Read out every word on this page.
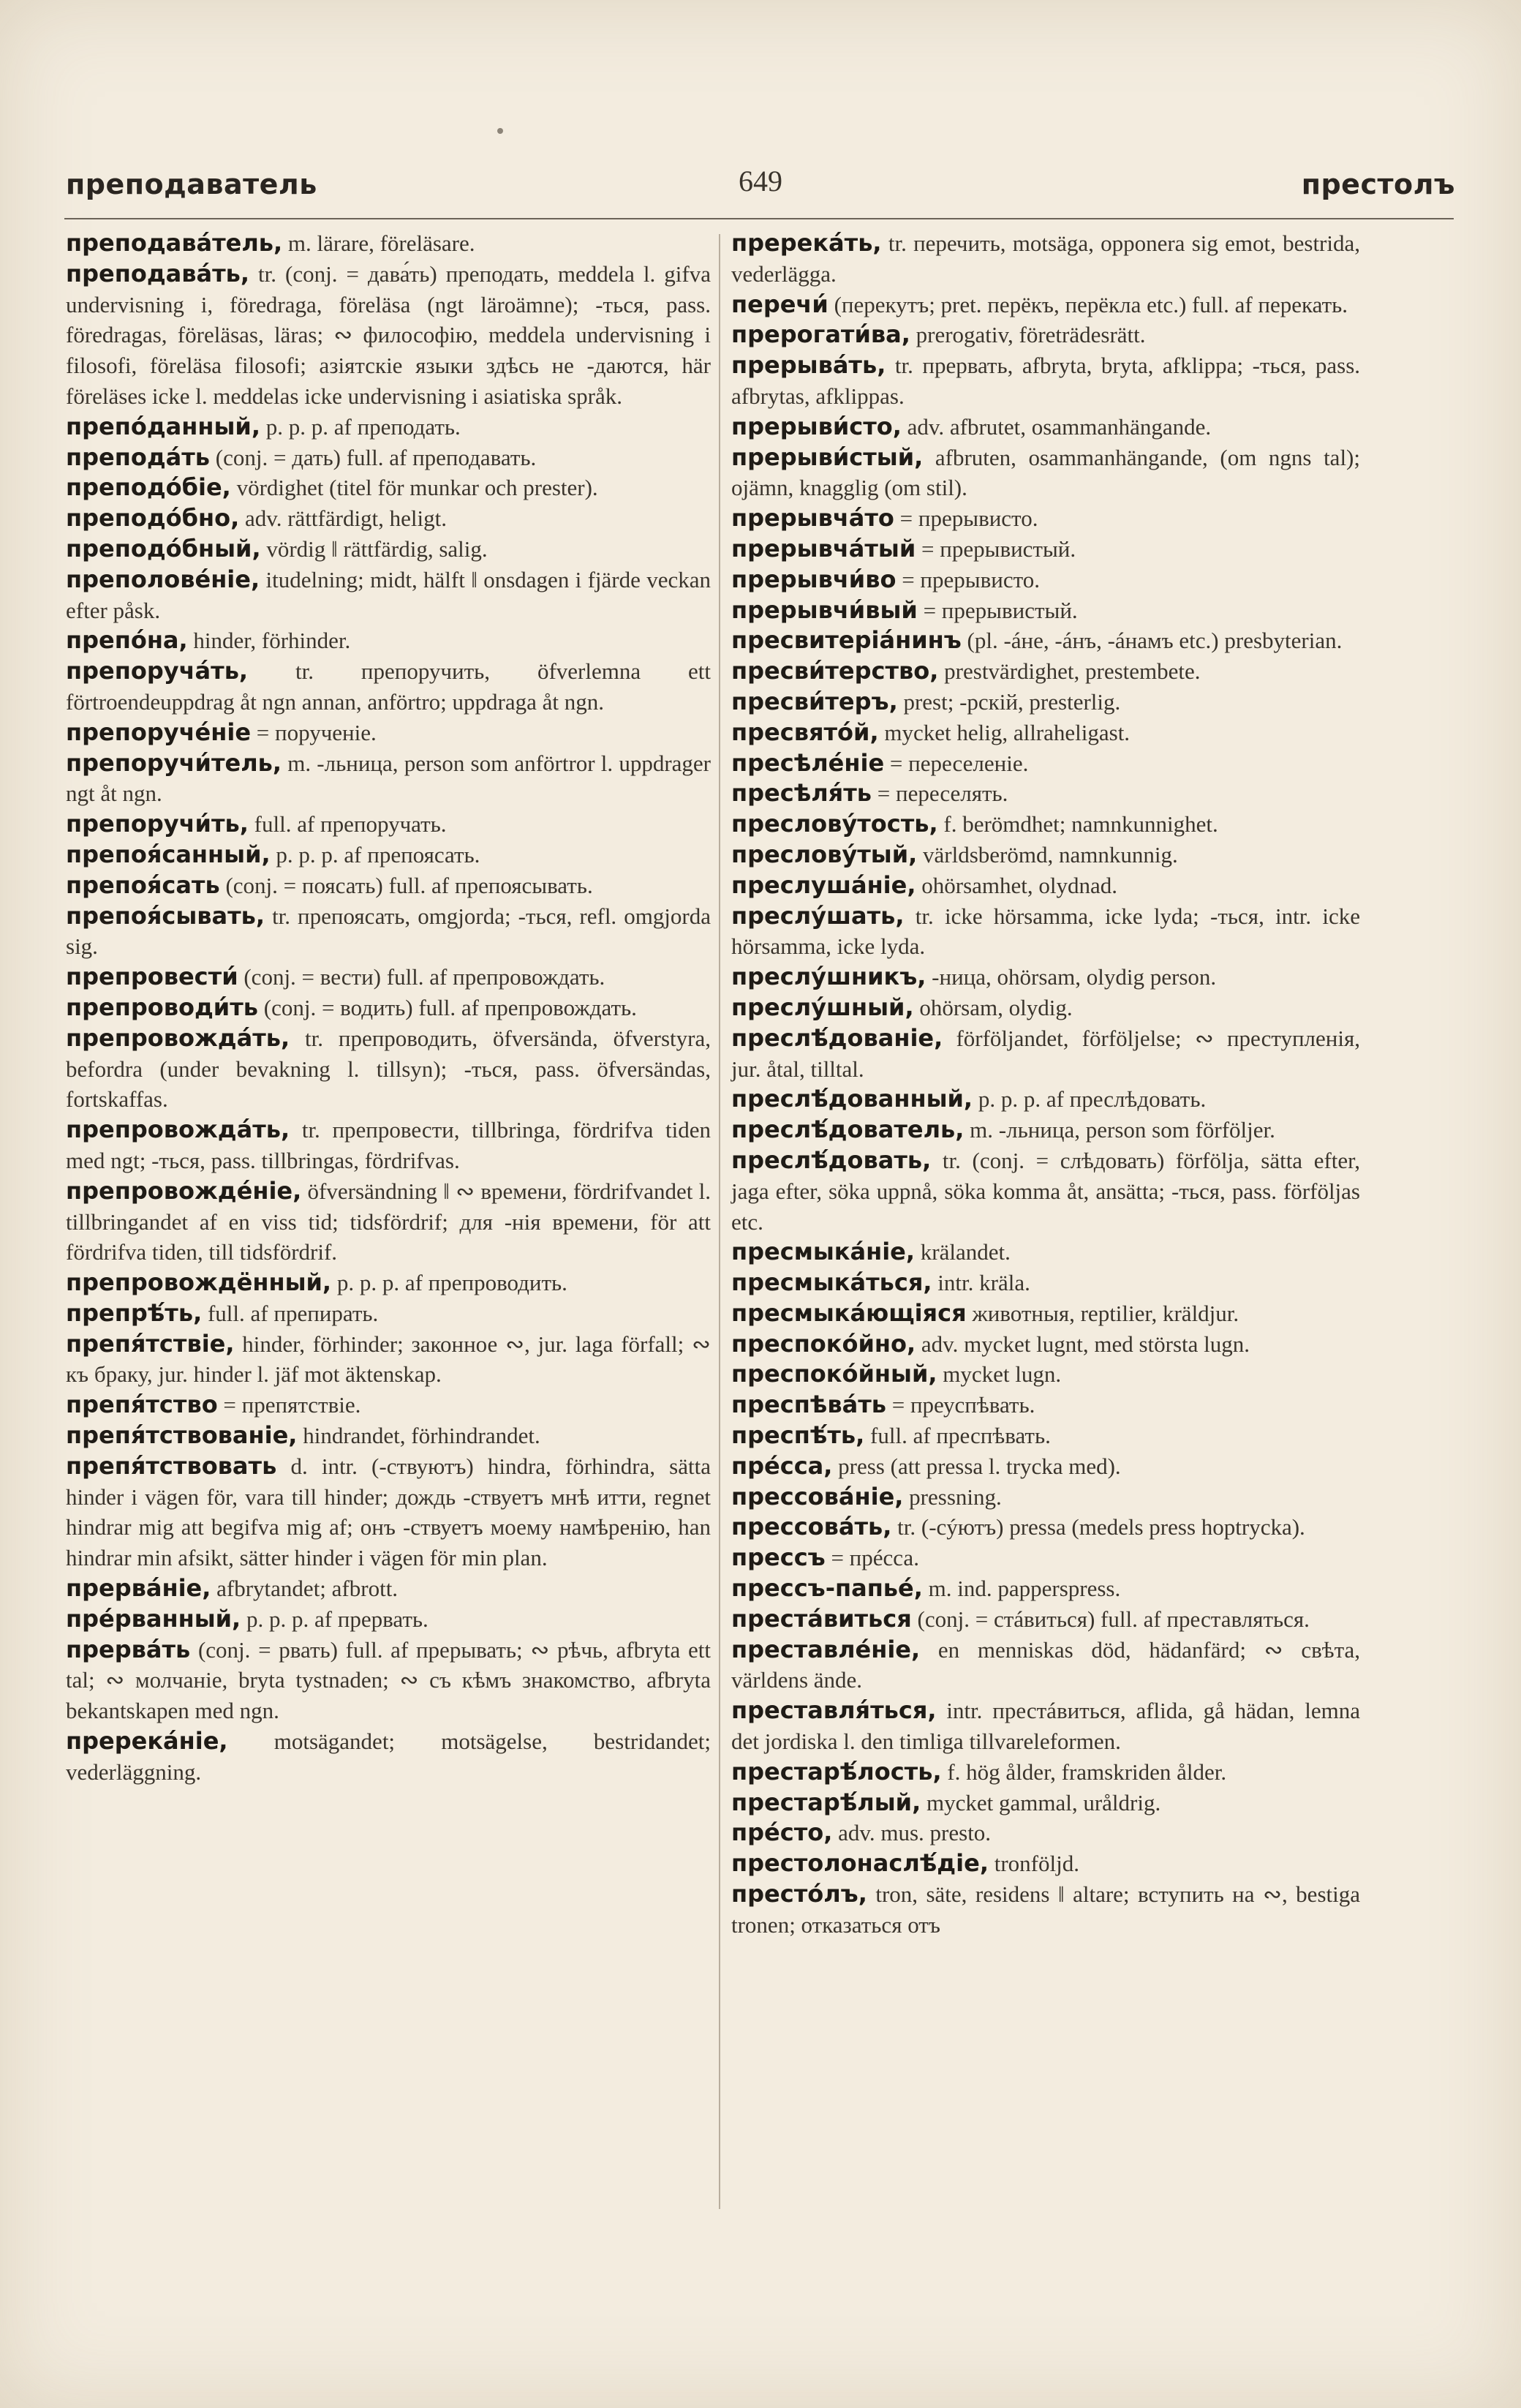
преподаватель	649	престолъ

преподава́тель, m. lärare, föreläsare.

преподава́ть, tr. (conj. = дава́ть) преподать, meddela l. gifva undervisning i, föredraga, föreläsa (ngt läroämne); -ться, pass. föredragas, föreläsas, läras; ∾ философію, meddela undervisning i filosofi, föreläsa filosofi; азіятскіе языки здѣсь не -даются, här föreläses icke l. meddelas icke undervisning i asiatiska språk.

препо́данный, p. p. p. af преподать.

препода́ть (conj. = дать) full. af преподавать.

преподо́біе, vördighet (titel för munkar och prester).

преподо́бно, adv. rättfärdigt, heligt.

преподо́бный, vördig ‖ rättfärdig, salig.

преполове́ніе, itudelning; midt, hälft ‖ onsdagen i fjärde veckan efter påsk.

препо́на, hinder, förhinder.

препоруча́ть, tr. препоручить, öfverlemna ett förtroendeuppdrag åt ngn annan, anförtro; uppdraga åt ngn.

препоруче́ніе = порученіе.

препоручи́тель, m. -льница, person som anförtror l. uppdrager ngt åt ngn.

препоручи́ть, full. af препоручать.

препоя́санный, p. p. p. af препоясать.

препоя́сать (conj. = поясать) full. af препоясывать.

препоя́сывать, tr. препоясать, omgjorda; -ться, refl. omgjorda sig.

препровести́ (conj. = вести) full. af препровождать.

препроводи́ть (conj. = водить) full. af препровождать.

препровожда́ть, tr. препроводить, öfversända, öfverstyra, befordra (under bevakning l. tillsyn); -ться, pass. öfversändas, fortskaffas.

препровожда́ть, tr. препровести, tillbringa, fördrifva tiden med ngt; -ться, pass. tillbringas, fördrifvas.

препровожде́ніе, öfversändning ‖ ∾ времени, fördrifvandet l. tillbringandet af en viss tid; tidsfördrif; для -нія времени, för att fördrifva tiden, till tidsfördrif.

препровождённый, p. p. p. af препроводить.

препрѣ́ть, full. af препирать.

препя́тствіе, hinder, förhinder; законное ∾, jur. laga förfall; ∾ къ браку, jur. hinder l. jäf mot äktenskap.

препя́тство = препятствіе.

препя́тствованіе, hindrandet, förhindrandet.

препя́тствовать d. intr. (-ствуютъ) hindra, förhindra, sätta hinder i vägen för, vara till hinder; дождь -ствуетъ мнѣ итти, regnet hindrar mig att begifva mig af; онъ -ствуетъ моему намѣренію, han hindrar min afsikt, sätter hinder i vägen för min plan.

прерва́ніе, afbrytandet; afbrott.

пре́рванный, p. p. p. af прервать.

прерва́ть (conj. = рвать) full. af прерывать; ∾ рѣчь, afbryta ett tal; ∾ молчаніе, bryta tystnaden; ∾ съ кѣмъ знакомство, afbryta bekantskapen med ngn.

пререка́ніе, motsägandet; motsägelse, bestridandet; vederläggning.

пререка́ть, tr. перечить, motsäga, opponera sig emot, bestrida, vederlägga.

перечи́ (перекутъ; pret. перёкъ, перёкла etc.) full. af перекать.

прерогати́ва, prerogativ, företrädesrätt.

прерыва́ть, tr. прервать, afbryta, bryta, afklippa; -ться, pass. afbrytas, afklippas.

прерыви́сто, adv. afbrutet, osammanhängande.

прерыви́стый, afbruten, osammanhängande, (om ngns tal); ojämn, knagglig (om stil).

прерывча́то = прерывисто.

прерывча́тый = прерывистый.

прерывчи́во = прерывисто.

прерывчи́вый = прерывистый.

пресвитеріа́нинъ (pl. -áне, -áнъ, -áнамъ etc.) presbyterian.

пресви́терство, prestvärdighet, prestembete.

пресви́теръ, prest; -рскій, presterlig.

пресвято́й, mycket helig, allraheligast.

пресѣле́ніе = переселеніе.

пресѣля́ть = переселять.

пресловýтость, f. berömdhet; namnkunnighet.

пресловýтый, världsberömd, namnkunnig.

преслушáніе, ohörsamhet, olydnad.

преслýшать, tr. icke hörsamma, icke lyda; -ться, intr. icke hörsamma, icke lyda.

преслýшникъ, -ница, ohörsam, olydig person.

преслýшный, ohörsam, olydig.

преслѣ́дованіе, förföljandet, förföljelse; ∾ преступленія, jur. åtal, tilltal.

преслѣ́дованный, p. p. p. af преслѣдовать.

преслѣ́дователь, m. -льница, person som förföljer.

преслѣ́довать, tr. (conj. = слѣдовать) förfölja, sätta efter, jaga efter, söka uppnå, söka komma åt, ansätta; -ться, pass. förföljas etc.

пресмыкáніе, krälandet.

пресмыкáться, intr. kräla.

пресмыкáющіяся животныя, reptilier, kräldjur.

преспокóйно, adv. mycket lugnt, med största lugn.

преспокóйный, mycket lugn.

преспѣвáть = преуспѣвать.

преспѣ́ть, full. af преспѣвать.

прéсса, press (att pressa l. trycka med).

прессовáніе, pressning.

прессовáть, tr. (-сýютъ) pressa (medels press hoptrycka).

прессъ = прéсса.

прессъ-папьé, m. ind. papperspress.

престáвиться (conj. = стáвиться) full. af преставляться.

преставлéніе, en menniskas död, hädanfärd; ∾ свѣта, världens ände.

преставля́ться, intr. престáвиться, aflida, gå hädan, lemna det jordiska l. den timliga tillvareleformen.

престарѣ́лость, f. hög ålder, framskriden ålder.

престарѣ́лый, mycket gammal, uråldrig.

прéсто, adv. mus. presto.

престолонаслѣ́діе, tronföljd.

престóлъ, tron, säte, residens ‖ altare; вступить на ∾, bestiga tronen; отказаться отъ
